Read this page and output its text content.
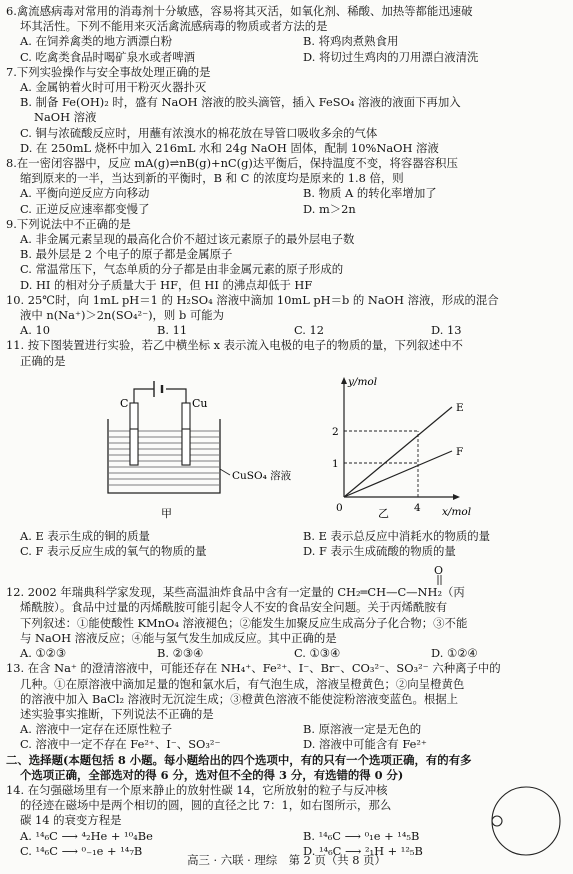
6.禽流感病毒对常用的消毒剂十分敏感，容易将其灭活，如氧化剂、稀酸、加热等都能迅速破
坏其活性。下列不能用来灭活禽流感病毒的物质或者方法的是
A. 在饲养禽类的地方洒漂白粉	B. 将鸡肉煮熟食用
C. 吃禽类食品时喝矿泉水或者啤酒	D. 将切过生鸡肉的刀用漂白液清洗
7.下列实验操作与安全事故处理正确的是
A. 金属钠着火时可用干粉灭火器扑灭
B. 制备 Fe(OH)₂ 时，盛有 NaOH 溶液的胶头滴管，插入 FeSO₄ 溶液的液面下再加入
NaOH 溶液
C. 铜与浓硫酸反应时，用蘸有浓溴水的棉花放在导管口吸收多余的气体
D. 在 250mL 烧杯中加入 216mL 水和 24g NaOH 固体，配制 10%NaOH 溶液
8.在一密闭容器中，反应 mA(g)⇌nB(g)+nC(g)达平衡后，保持温度不变，将容器容积压
缩到原来的一半，当达到新的平衡时，B 和 C 的浓度均是原来的 1.8 倍，则
A. 平衡向逆反应方向移动	B. 物质 A 的转化率增加了
C. 正逆反应速率都变慢了	D. m＞2n
9.下列说法中不正确的是
A. 非金属元素呈现的最高化合价不超过该元素原子的最外层电子数
B. 最外层是 2 个电子的原子都是金属原子
C. 常温常压下，气态单质的分子都是由非金属元素的原子形成的
D. HI 的相对分子质量大于 HF，但 HI 的沸点却低于 HF
10. 25℃时，向 1mL pH＝1 的 H₂SO₄ 溶液中滴加 10mL pH＝b 的 NaOH 溶液，形成的混合
液中 n(Na⁺)＞2n(SO₄²⁻)，则 b 可能为
A. 10	B. 11	C. 12	D. 13
11. 按下图装置进行实验，若乙中横坐标 x 表示流入电极的电子的物质的量，下列叙述中不
正确的是
C	Cu
CuSO₄ 溶液
甲
y/mol
x/mol
2
1
0	4
E
F
乙
A. E 表示生成的铜的质量	B. E 表示总反应中消耗水的物质的量
C. F 表示反应生成的氧气的物质的量	D. F 表示生成硫酸的物质的量
O
12. 2002 年瑞典科学家发现，某些高温油炸食品中含有一定量的 CH₂═CH—C—NH₂（丙
烯酰胺）。食品中过量的丙烯酰胺可能引起令人不安的食品安全问题。关于丙烯酰胺有
下列叙述：①能使酸性 KMnO₄ 溶液褪色；②能发生加聚反应生成高分子化合物；③不能
与 NaOH 溶液反应；④能与氢气发生加成反应。其中正确的是
A. ①②③	B. ②③④	C. ①③④	D. ①②④
13. 在含 Na⁺ 的澄清溶液中，可能还存在 NH₄⁺、Fe²⁺、I⁻、Br⁻、CO₃²⁻、SO₃²⁻ 六种离子中的
几种。①在原溶液中滴加足量的饱和氯水后，有气泡生成，溶液呈橙黄色；②向呈橙黄色
的溶液中加入 BaCl₂ 溶液时无沉淀生成；③橙黄色溶液不能使淀粉溶液变蓝色。根据上
述实验事实推断，下列说法不正确的是
A. 溶液中一定存在还原性粒子	B. 原溶液一定是无色的
C. 溶液中一定不存在 Fe²⁺、I⁻、SO₃²⁻	D. 溶液中可能含有 Fe²⁺
二、选择题(本题包括 8 小题。每小题给出的四个选项中，有的只有一个选项正确，有的有多
个选项正确，全部选对的得 6 分，选对但不全的得 3 分，有选错的得 0 分)
14. 在匀强磁场里有一个原来静止的放射性碳 14，它所放射的粒子与反冲核
的径迹在磁场中是两个相切的圆，圆的直径之比 7：1，如右图所示，那么
碳 14 的衰变方程是
A. ¹⁴₆C ⟶ ⁴₂He + ¹⁰₄Be	B. ¹⁴₆C ⟶ ⁰₁e + ¹⁴₅B
C. ¹⁴₆C ⟶ ⁰₋₁e + ¹⁴₇B	D. ¹⁴₆C ⟶ ²₁H + ¹²₅B
高三 · 六联 · 理综　第 2 页（共 8 页）
